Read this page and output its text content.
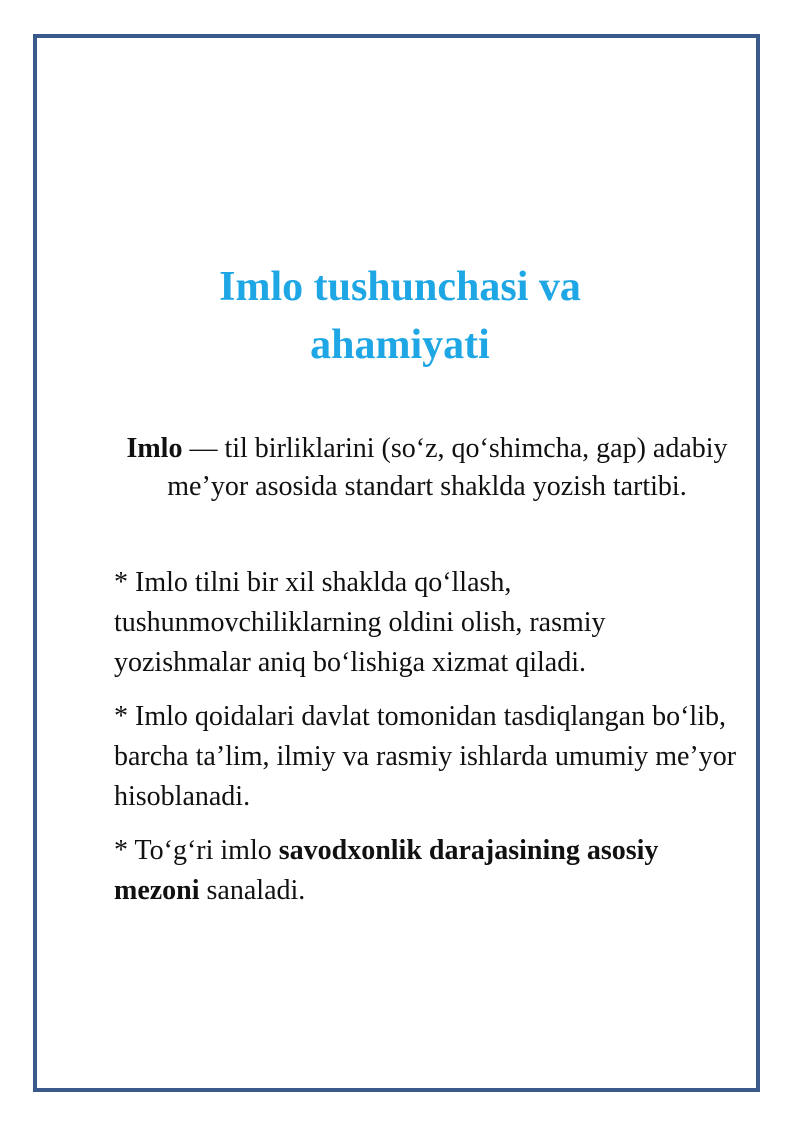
Imlo tushunchasi va
ahamiyati

Imlo — til birliklarini (so‘z, qo‘shimcha, gap) adabiy me’yor asosida standart shaklda yozish tartibi.

* Imlo tilni bir xil shaklda qo‘llash, tushunmovchiliklarning oldini olish, rasmiy yozishmalar aniq bo‘lishiga xizmat qiladi.

* Imlo qoidalari davlat tomonidan tasdiqlangan bo‘lib, barcha ta’lim, ilmiy va rasmiy ishlarda umumiy me’yor hisoblanadi.

* To‘g‘ri imlo savodxonlik darajasining asosiy mezoni sanaladi.
